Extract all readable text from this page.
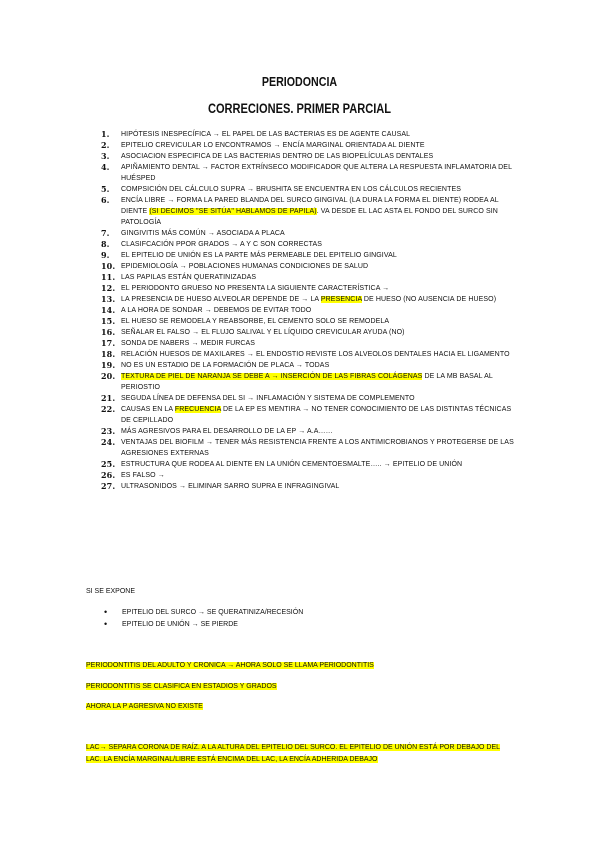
PERIODONCIA
CORRECIONES. PRIMER PARCIAL
1. HIPÓTESIS INESPECÍFICA → EL PAPEL DE LAS BACTERIAS ES DE AGENTE CAUSAL
2. EPITELIO CREVICULAR LO ENCONTRAMOS → ENCÍA MARGINAL ORIENTADA AL DIENTE
3. ASOCIACION ESPECIFICA DE LAS BACTERIAS DENTRO DE LAS BIOPELÍCULAS DENTALES
4. APIÑAMIENTO DENTAL → FACTOR EXTRÍNSECO MODIFICADOR QUE ALTERA LA RESPUESTA INFLAMATORIA DEL HUÉSPED
5. COMPSICIÓN DEL CÁLCULO SUPRA → BRUSHITA SE ENCUENTRA EN LOS CÁLCULOS RECIENTES
6. ENCÍA LIBRE → FORMA LA PARED BLANDA DEL SURCO GINGIVAL (LA DURA LA FORMA EL DIENTE) RODEA AL DIENTE (SI DECIMOS "SE SITÚA" HABLAMOS DE PAPILA). VA DESDE EL LAC ASTA EL FONDO DEL SURCO SIN PATOLOGÍA
7. GINGIVITIS MÁS COMÚN → ASOCIADA A PLACA
8. CLASIFCACIÓN PPOR GRADOS → A Y C SON CORRECTAS
9. EL EPITELIO DE UNIÓN ES LA PARTE MÁS PERMEABLE DEL EPITELIO GINGIVAL
10. EPIDEMIOLOGÍA → POBLACIONES HUMANAS CONDICIONES DE SALUD
11. LAS PAPILAS ESTÁN QUERATINIZADAS
12. EL PERIODONTO GRUESO NO PRESENTA LA SIGUIENTE CARACTERÍSTICA →
13. LA PRESENCIA DE HUESO ALVEOLAR DEPENDE DE → LA PRESENCIA DE HUESO (NO AUSENCIA DE HUESO)
14. A LA HORA DE SONDAR → DEBEMOS DE EVITAR TODO
15. EL HUESO SE REMODELA Y REABSORBE, EL CEMENTO SOLO SE REMODELA
16. SEÑALAR EL FALSO → EL FLUJO SALIVAL Y EL LÍQUIDO CREVICULAR AYUDA (NO)
17. SONDA DE NABERS → MEDIR FURCAS
18. RELACIÓN HUESOS DE MAXILARES → EL ENDOSTIO REVISTE LOS ALVEOLOS DENTALES HACIA EL LIGAMENTO
19. NO ES UN ESTADIO DE LA FORMACIÓN DE PLACA → TODAS
20. TEXTURA DE PIEL DE NARANJA SE DEBE A → INSERCIÓN DE LAS FIBRAS COLÁGENAS DE LA MB BASAL AL PERIOSTIO
21. SEGUDA LÍNEA DE DEFENSA DEL SI → INFLAMACIÓN Y SISTEMA DE COMPLEMENTO
22. CAUSAS EN LA FRECUENCIA DE LA EP ES MENTIRA → NO TENER CONOCIMIENTO DE LAS DISTINTAS TÉCNICAS DE CEPILLADO
23. MÁS AGRESIVOS PARA EL DESARROLLO DE LA EP → A.A……
24. VENTAJAS DEL BIOFILM → TENER MÁS RESISTENCIA FRENTE A LOS ANTIMICROBIANOS Y PROTEGERSE DE LAS AGRESIONES EXTERNAS
25. ESTRUCTURA QUE RODEA AL DIENTE EN LA UNIÓN CEMENTOESMALTE….. → EPITELIO DE UNIÓN
26. ES FALSO →
27. ULTRASONIDOS → ELIMINAR SARRO SUPRA E INFRAGINGIVAL
SI SE EXPONE
• EPITELIO DEL SURCO → SE QUERATINIZA/RECESIÓN
• EPITELIO DE UNIÓN → SE PIERDE
PERIODONTITIS DEL ADULTO Y CRONICA → AHORA SOLO SE LLAMA PERIODONTITIS
PERIODONTITIS SE CLASIFICA EN ESTADIOS Y GRADOS
AHORA LA P AGRESIVA NO EXISTE
LAC→ SEPARA CORONA DE RAÍZ. A LA ALTURA DEL EPITELIO DEL SURCO. EL EPITELIO DE UNIÓN ESTÁ POR DEBAJO DEL LAC. LA ENCÍA MARGINAL/LIBRE ESTÁ ENCIMA DEL LAC, LA ENCÍA ADHERIDA DEBAJO
